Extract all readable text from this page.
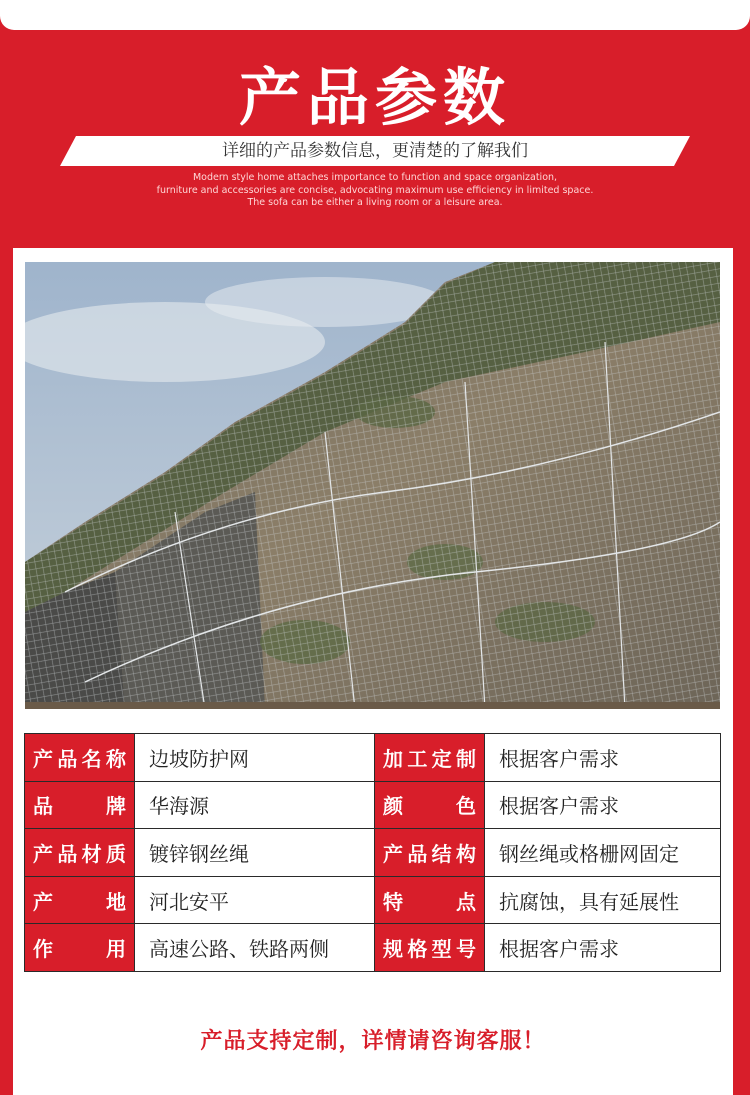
产品参数
详细的产品参数信息，更清楚的了解我们
Modern style home attaches importance to function and space organization,
furniture and accessories are concise, advocating maximum use efficiency in limited space.
The sofa can be either a living room or a leisure area.
产品名称	边坡防护网	加工定制	根据客户需求
品　　牌	华海源	颜　　色	根据客户需求
产品材质	镀锌钢丝绳	产品结构	钢丝绳或格栅网固定
产　　地	河北安平	特　　点	抗腐蚀，具有延展性
作　　用	高速公路、铁路两侧	规格型号	根据客户需求
产品支持定制，详情请咨询客服！
